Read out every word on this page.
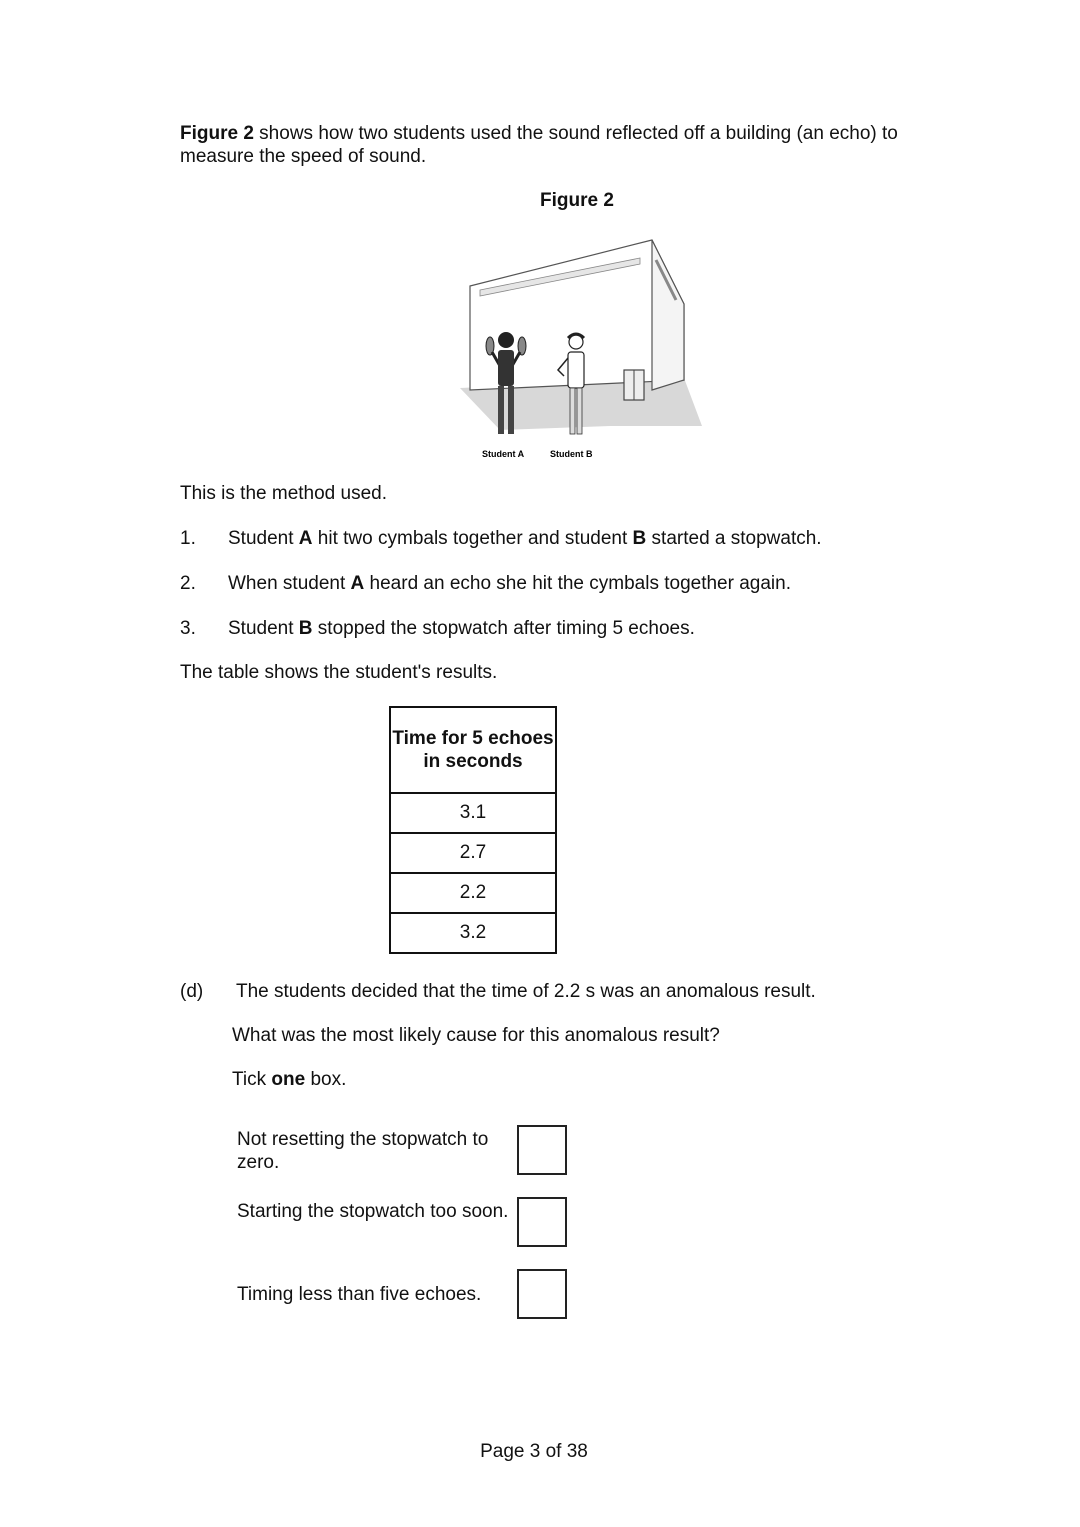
Figure 2 shows how two students used the sound reflected off a building (an echo) to measure the speed of sound.
Figure 2
Student A	Student B
This is the method used.
1. Student A hit two cymbals together and student B started a stopwatch.
2. When student A heard an echo she hit the cymbals together again.
3. Student B stopped the stopwatch after timing 5 echoes.
The table shows the student's results.
Time for 5 echoes in seconds
3.1
2.7
2.2
3.2
(d) The students decided that the time of 2.2 s was an anomalous result.
What was the most likely cause for this anomalous result?
Tick one box.
Not resetting the stopwatch to zero.
Starting the stopwatch too soon.
Timing less than five echoes.
Page 3 of 38
